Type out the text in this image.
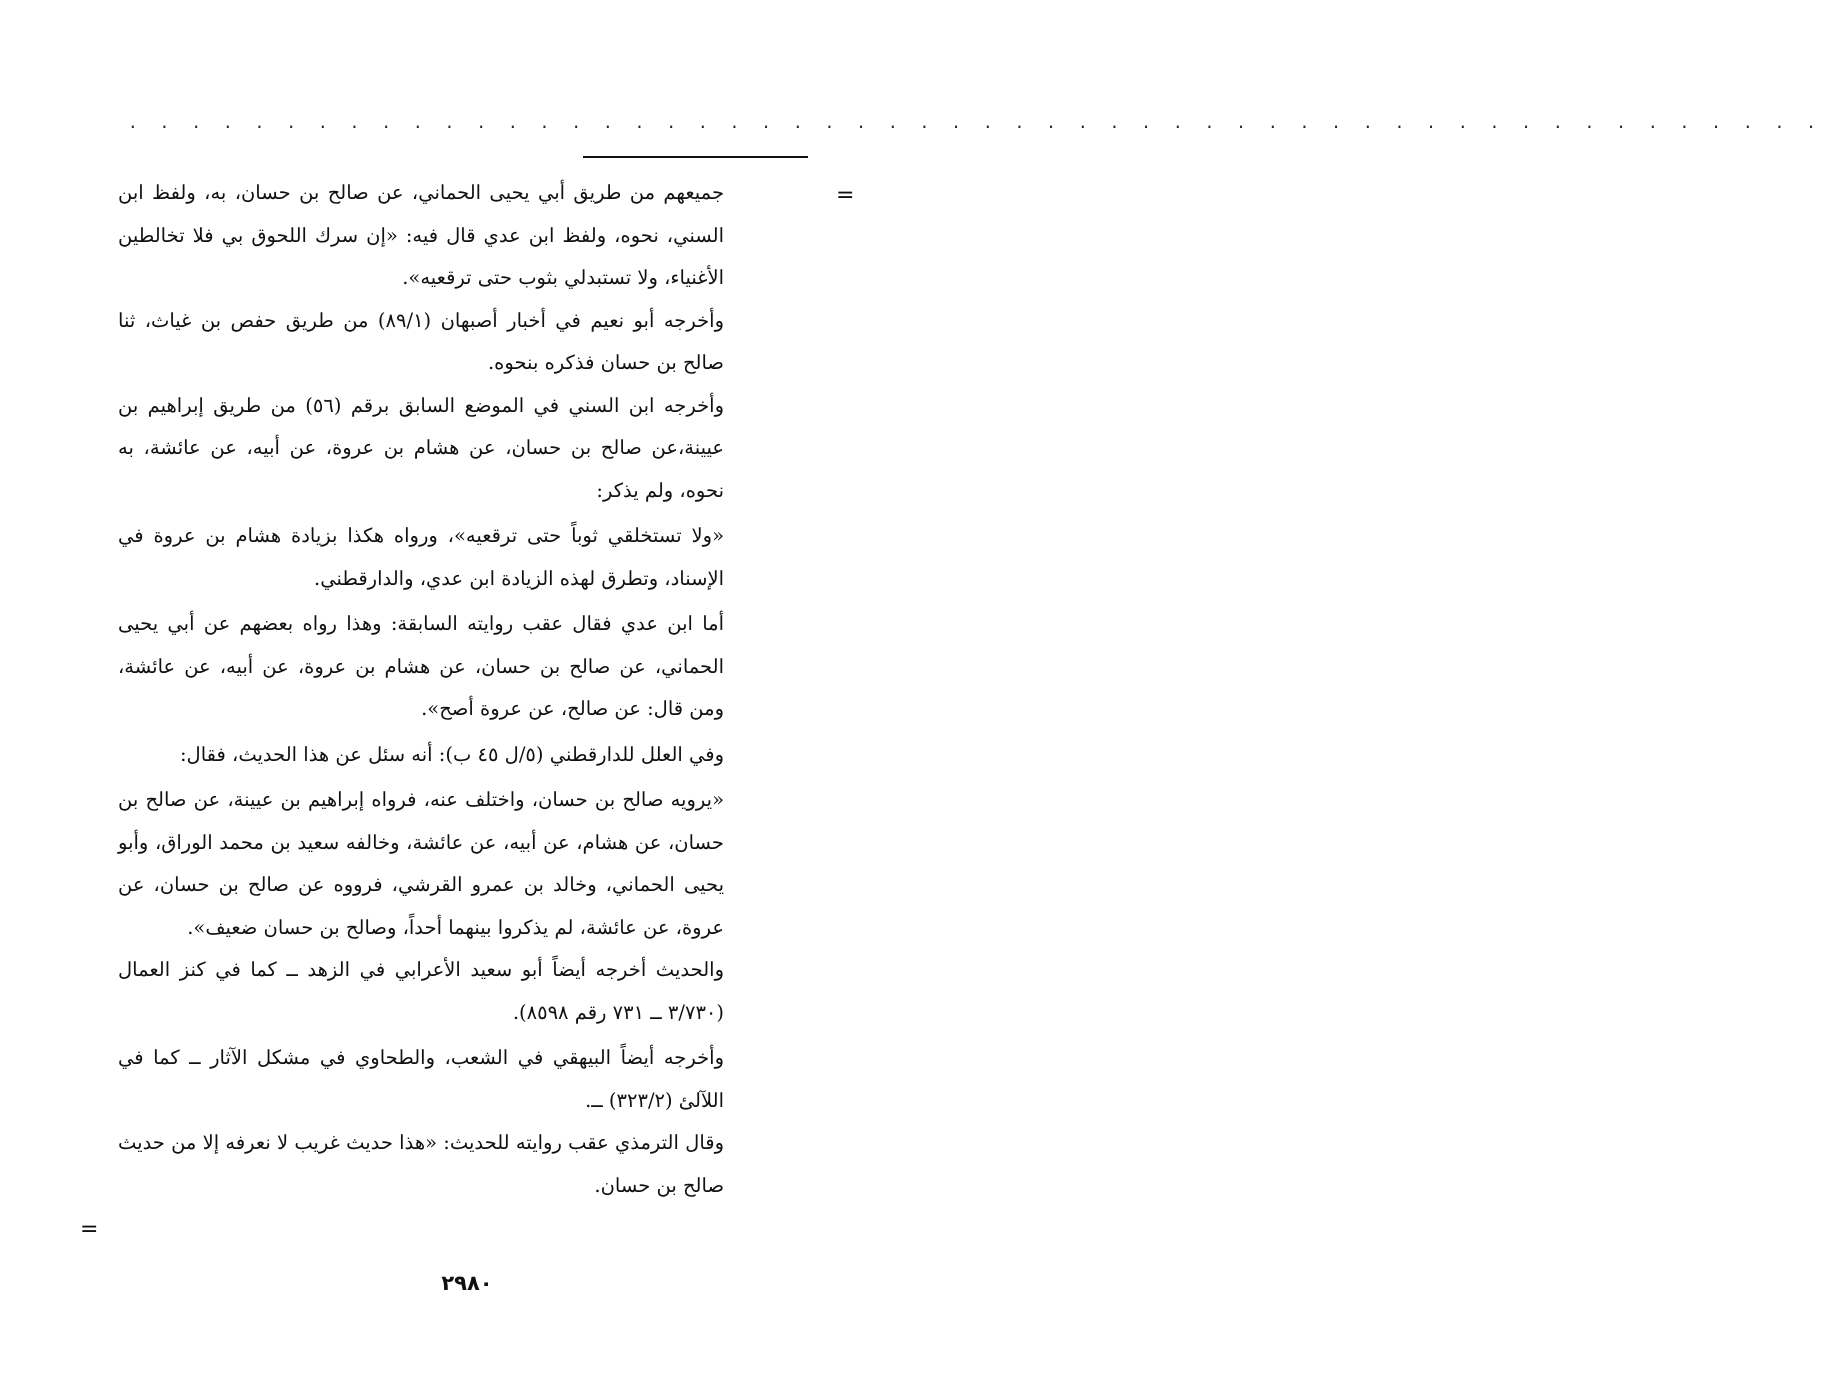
. . . . . . . . . . . . . . . . . . . . . . . . . . . . . . . . . . . . . . . . . . . . . . . . . . . . . .
=

جميعهم من طريق أبي يحيى الحماني، عن صالح بن حسان، به، ولفظ ابن السني، نحوه، ولفظ ابن عدي قال فيه: «إن سرك اللحوق بي فلا تخالطين الأغنياء، ولا تستبدلي بثوب حتى ترقعيه».

وأخرجه أبو نعيم في أخبار أصبهان (٨٩/١) من طريق حفص بن غياث، ثنا صالح بن حسان فذكره بنحوه.

وأخرجه ابن السني في الموضع السابق برقم (٥٦) من طريق إبراهيم بن عيينة،عن صالح بن حسان، عن هشام بن عروة، عن أبيه، عن عائشة، به نحوه، ولم يذكر:

«ولا تستخلقي ثوباً حتى ترقعيه»، ورواه هكذا بزيادة هشام بن عروة في الإسناد، وتطرق لهذه الزيادة ابن عدي، والدارقطني.

أما ابن عدي فقال عقب روايته السابقة: وهذا رواه بعضهم عن أبي يحيى الحماني، عن صالح بن حسان، عن هشام بن عروة، عن أبيه، عن عائشة، ومن قال: عن صالح، عن عروة أصح».

وفي العلل للدارقطني (٥/ل ٤٥ ب): أنه سئل عن هذا الحديث، فقال:

«يرويه صالح بن حسان، واختلف عنه، فرواه إبراهيم بن عيينة، عن صالح بن حسان، عن هشام، عن أبيه، عن عائشة، وخالفه سعيد بن محمد الوراق، وأبو يحيى الحماني، وخالد بن عمرو القرشي، فرووه عن صالح بن حسان، عن عروة، عن عائشة، لم يذكروا بينهما أحداً، وصالح بن حسان ضعيف».

والحديث أخرجه أيضاً أبو سعيد الأعرابي في الزهد ــ كما في كنز العمال (٣/٧٣٠ ــ ٧٣١ رقم ٨٥٩٨).

وأخرجه أيضاً البيهقي في الشعب، والطحاوي في مشكل الآثار ــ كما في اللآلئ (٣٢٣/٢) ــ.

وقال الترمذي عقب روايته للحديث: «هذا حديث غريب لا نعرفه إلا من حديث صالح بن حسان.

=
٢٩٨٠
